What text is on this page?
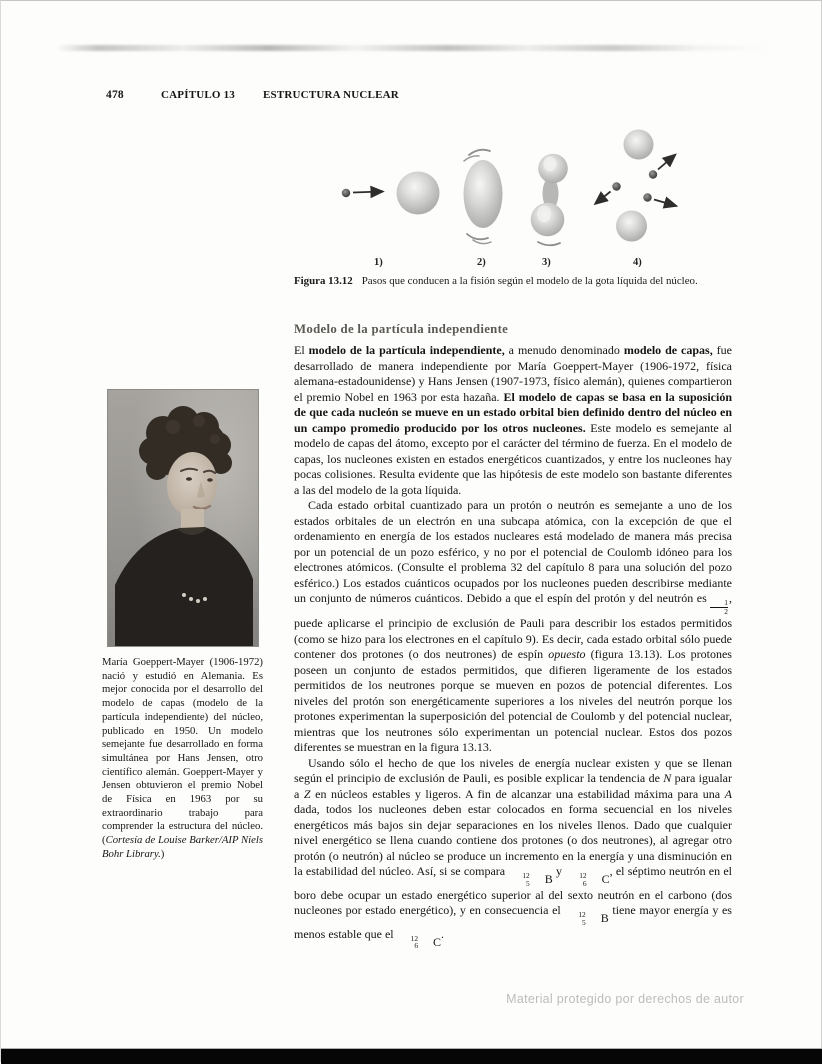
478	CAPÍTULO 13	ESTRUCTURA NUCLEAR
1)	2)	3)	4)
Figura 13.12 Pasos que conducen a la fisión según el modelo de la gota líquida del núcleo.
María Goeppert-Mayer (1906-1972) nació y estudió en Alemania. Es mejor conocida por el desarrollo del modelo de capas (modelo de la partícula independiente) del núcleo, publicado en 1950. Un modelo semejante fue desarrollado en forma simultánea por Hans Jensen, otro científico alemán. Goeppert-Mayer y Jensen obtuvieron el premio Nobel de Física en 1963 por su extraordinario trabajo para comprender la estructura del núcleo. (Cortesía de Louise Barker/AIP Niels Bohr Library.)
Modelo de la partícula independiente

El modelo de la partícula independiente, a menudo denominado modelo de capas, fue desarrollado de manera independiente por María Goeppert-Mayer (1906-1972, física alemana-estadounidense) y Hans Jensen (1907-1973, físico alemán), quienes compartieron el premio Nobel en 1963 por esta hazaña. El modelo de capas se basa en la suposición de que cada nucleón se mueve en un estado orbital bien definido dentro del núcleo en un campo promedio producido por los otros nucleones. Este modelo es semejante al modelo de capas del átomo, excepto por el carácter del término de fuerza. En el modelo de capas, los nucleones existen en estados energéticos cuantizados, y entre los nucleones hay pocas colisiones. Resulta evidente que las hipótesis de este modelo son bastante diferentes a las del modelo de la gota líquida.

Cada estado orbital cuantizado para un protón o neutrón es semejante a uno de los estados orbitales de un electrón en una subcapa atómica, con la excepción de que el ordenamiento en energía de los estados nucleares está modelado de manera más precisa por un potencial de un pozo esférico, y no por el potencial de Coulomb idóneo para los electrones atómicos. (Consulte el problema 32 del capítulo 8 para una solución del pozo esférico.) Los estados cuánticos ocupados por los nucleones pueden describirse mediante un conjunto de números cuánticos. Debido a que el espín del protón y del neutrón es	1
2
, puede aplicarse el principio de exclusión de Pauli para describir los estados permitidos (como se hizo para los electrones en el capítulo 9). Es decir, cada estado orbital sólo puede contener dos protones (o dos neutrones) de espín opuesto (figura 13.13). Los protones poseen un conjunto de estados permitidos, que difieren ligeramente de los estados permitidos de los neutrones porque se mueven en pozos de potencial diferentes. Los niveles del protón son energéticamente superiores a los niveles del neutrón porque los protones experimentan la superposición del potencial de Coulomb y del potencial nuclear, mientras que los neutrones sólo experimentan un potencial nuclear. Estos dos pozos diferentes se muestran en la figura 13.13.

Usando sólo el hecho de que los niveles de energía nuclear existen y que se llenan según el principio de exclusión de Pauli, es posible explicar la tendencia de N para igualar a Z en núcleos estables y ligeros. A fin de alcanzar una estabilidad máxima para una A dada, todos los nucleones deben estar colocados en forma secuencial en los niveles energéticos más bajos sin dejar separaciones en los niveles llenos. Dado que cualquier nivel energético se llena cuando contiene dos protones (o dos neutrones), al agregar otro protón (o neutrón) al núcleo se produce un incremento en la energía y una disminución en la estabilidad del núcleo. Así, si se compara	12
5	B
y	12
6	C
, el séptimo neutrón en el boro debe ocupar un estado energético superior al del sexto neutrón en el carbono (dos nucleones por estado energético), y en consecuencia el	12
5	B
tiene mayor energía y es menos estable que el	12
6	C
.

Material protegido por derechos de autor
